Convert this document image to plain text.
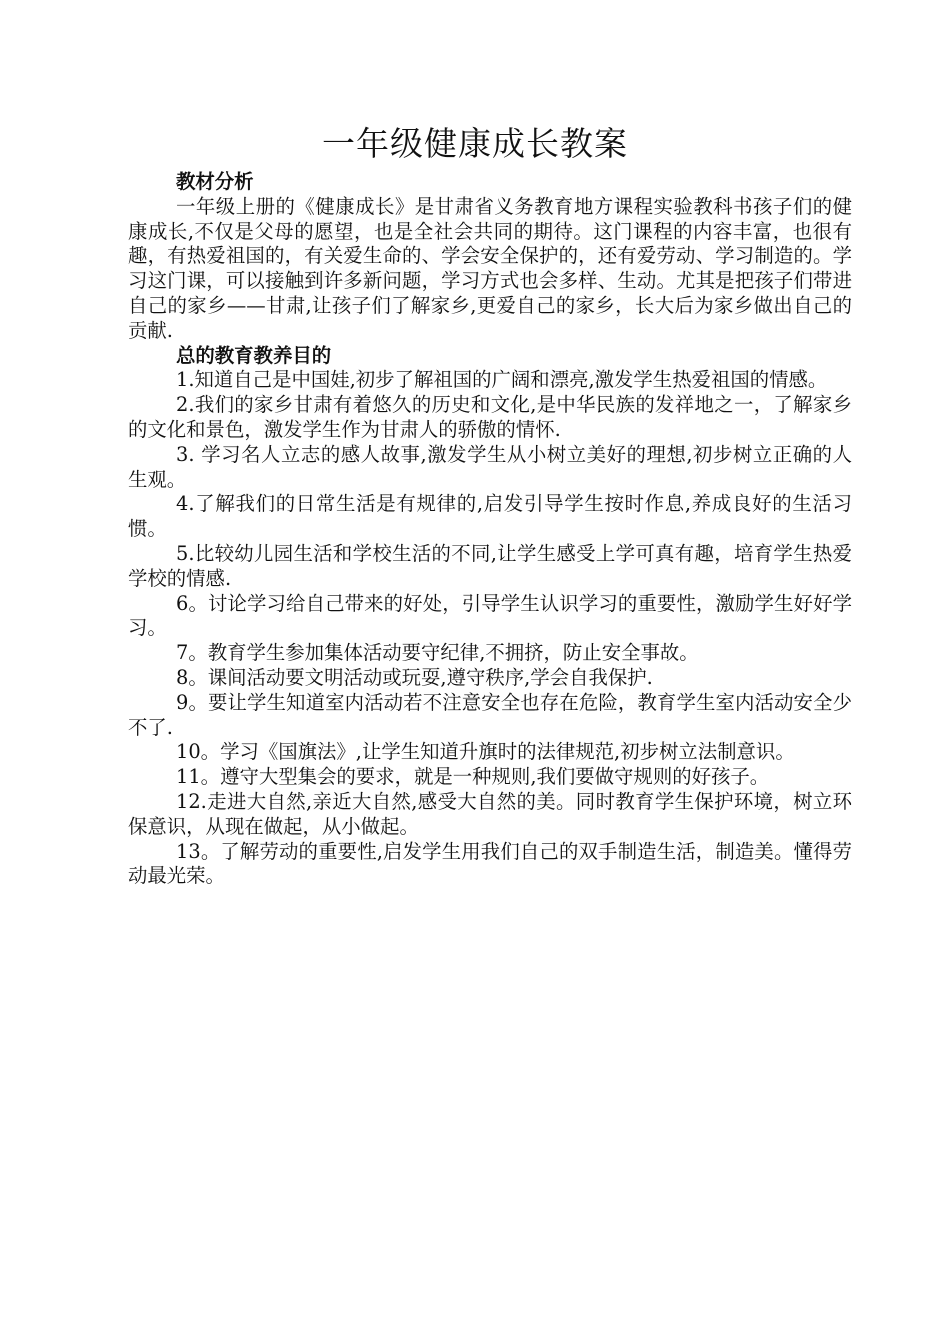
一年级健康成长教案

教材分析

一年级上册的《健康成长》是甘肃省义务教育地方课程实验教科书孩子们的健康成长,不仅是父母的愿望，也是全社会共同的期待。这门课程的内容丰富，也很有趣，有热爱祖国的，有关爱生命的、学会安全保护的，还有爱劳动、学习制造的。学习这门课，可以接触到许多新问题，学习方式也会多样、生动。尤其是把孩子们带进自己的家乡——甘肃,让孩子们了解家乡,更爱自己的家乡，长大后为家乡做出自己的贡献.

总的教育教养目的

1.知道自己是中国娃,初步了解祖国的广阔和漂亮,激发学生热爱祖国的情感。

2.我们的家乡甘肃有着悠久的历史和文化,是中华民族的发祥地之一，了解家乡的文化和景色，激发学生作为甘肃人的骄傲的情怀.

3. 学习名人立志的感人故事,激发学生从小树立美好的理想,初步树立正确的人生观。

4.了解我们的日常生活是有规律的,启发引导学生按时作息,养成良好的生活习惯。

5.比较幼儿园生活和学校生活的不同,让学生感受上学可真有趣，培育学生热爱学校的情感.

6。讨论学习给自己带来的好处，引导学生认识学习的重要性，激励学生好好学习。

7。教育学生参加集体活动要守纪律,不拥挤，防止安全事故。

8。课间活动要文明活动或玩耍,遵守秩序,学会自我保护.

9。要让学生知道室内活动若不注意安全也存在危险，教育学生室内活动安全少不了.

10。学习《国旗法》,让学生知道升旗时的法律规范,初步树立法制意识。

11。遵守大型集会的要求，就是一种规则,我们要做守规则的好孩子。

12.走进大自然,亲近大自然,感受大自然的美。同时教育学生保护环境，树立环保意识，从现在做起，从小做起。

13。了解劳动的重要性,启发学生用我们自己的双手制造生活，制造美。懂得劳动最光荣。
